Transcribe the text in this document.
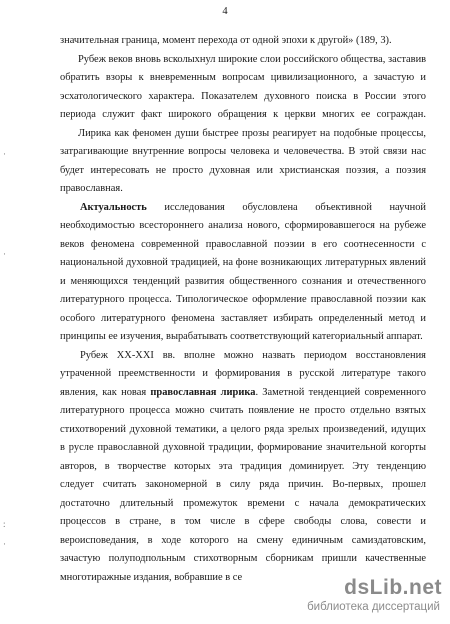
4
·
·
:
·
значительная граница, момент перехода от одной эпохи к другой» (189, 3).
Рубеж веков вновь всколыхнул широкие слои российского общества, заставив
обратить взоры к вневременным вопросам цивилизационного, а зачастую и
эсхатологического характера. Показателем духовного поиска в России этого
периода служит факт широкого обращения к церкви многих ее сограждан.
Лирика как феномен души быстрее прозы реагирует на подобные процессы,
затрагивающие внутренние вопросы человека и человечества. В этой связи нас
будет интересовать не просто духовная или христианская поэзия, а поэзия
православная.
Актуальность исследования обусловлена объективной научной
необходимостью всестороннего анализа нового, сформировавшегося на рубеже
веков феномена современной православной поэзии в его соотнесенности с
национальной духовной традицией, на фоне возникающих литературных явлений
и меняющихся тенденций развития общественного сознания и отечественного
литературного процесса. Типологическое оформление православной поэзии как
особого литературного феномена заставляет избирать определенный метод и
принципы ее изучения, вырабатывать соответствующий категориальный аппарат.
Рубеж XX-XXI вв. вполне можно назвать периодом восстановления
утраченной преемственности и формирования в русской литературе такого
явления, как новая православная лирика. Заметной тенденцией современного
литературного процесса можно считать появление не просто отдельно взятых
стихотворений духовной тематики, а целого ряда зрелых произведений, идущих
в русле православной духовной традиции, формирование значительной когорты
авторов, в творчестве которых эта традиция доминирует. Эту тенденцию
следует считать закономерной в силу ряда причин. Во-первых, прошел
достаточно длительный промежуток времени с начала демократических
процессов в стране, в том числе в сфере свободы слова, совести и
вероисповедания, в ходе которого на смену единичным самиздатовским,
зачастую полуподпольным стихотворным сборникам пришли качественные
многотиражные издания, вобравшие в се	dsLib.net
библиотека диссертаций
